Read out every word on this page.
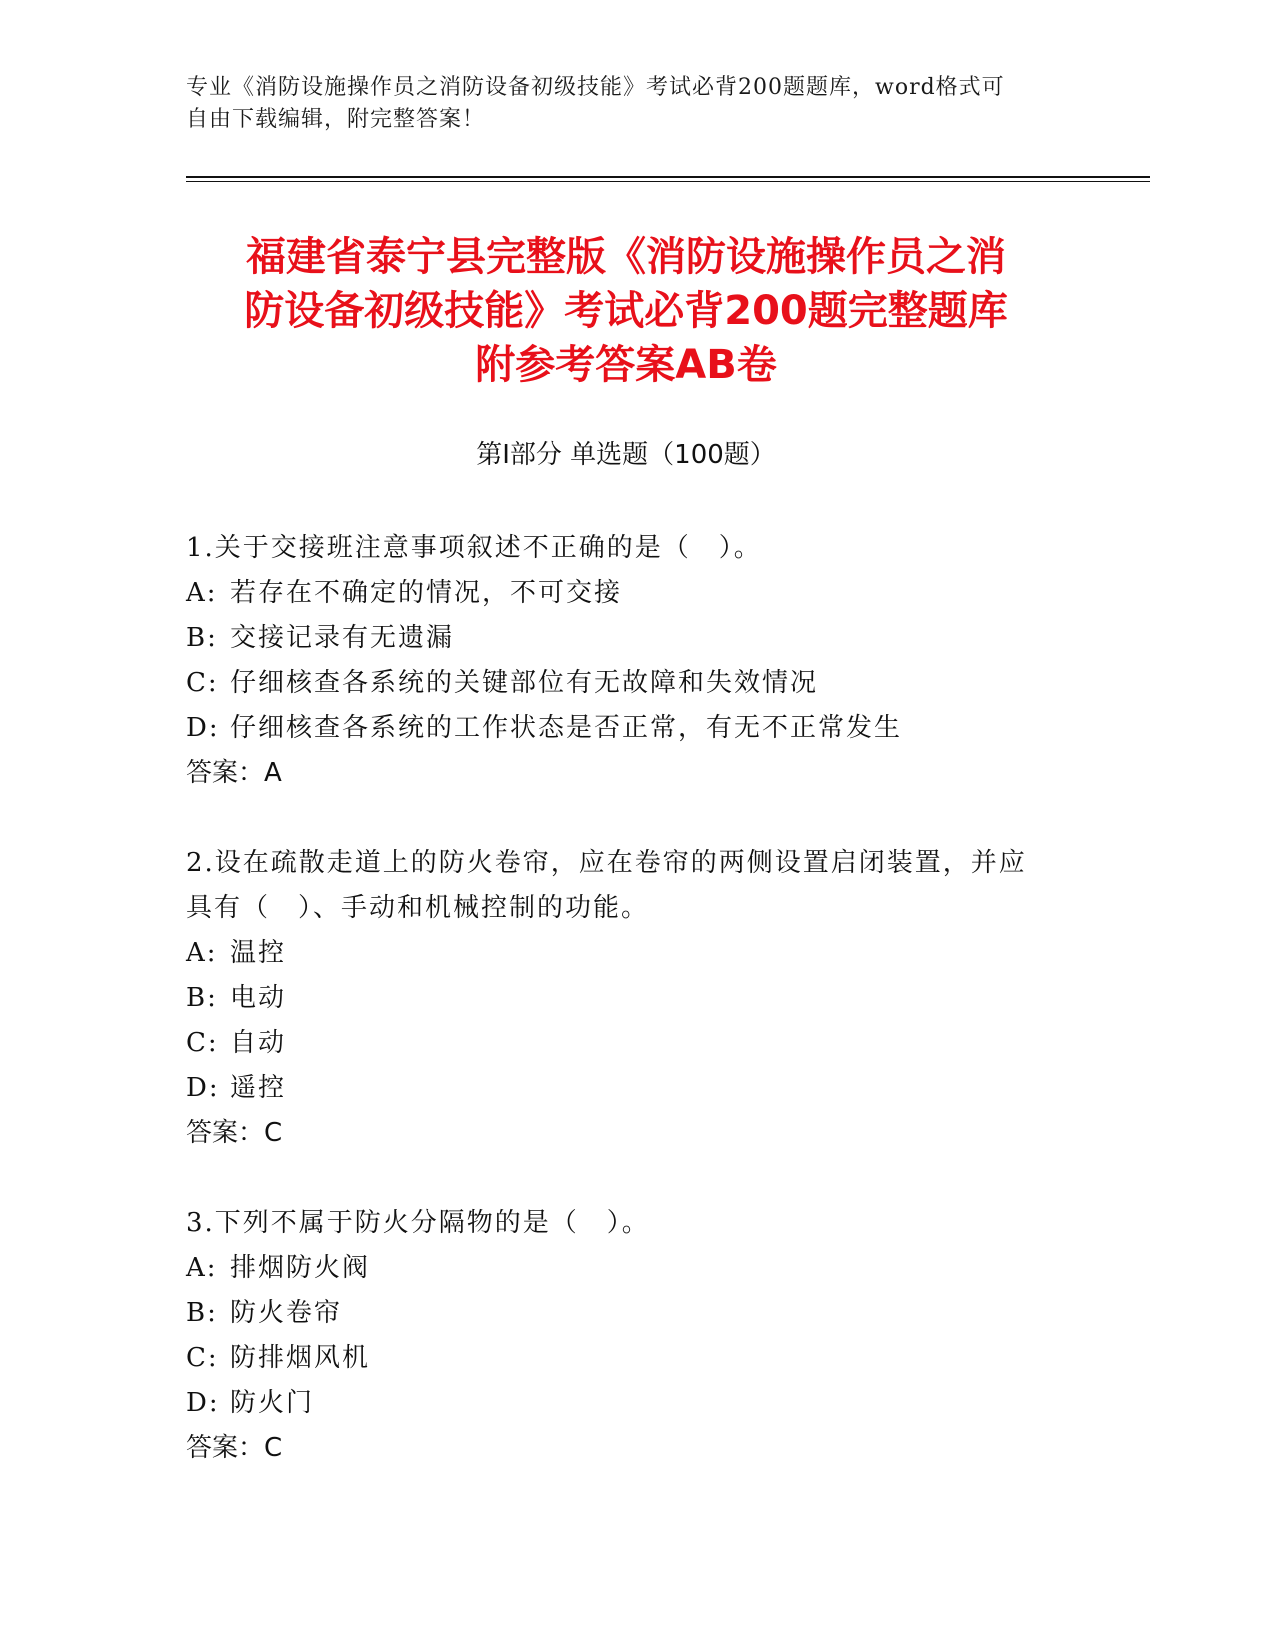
专业《消防设施操作员之消防设备初级技能》考试必背200题题库，word格式可
自由下载编辑，附完整答案！
福建省泰宁县完整版《消防设施操作员之消
防设备初级技能》考试必背200题完整题库
附参考答案AB卷
第I部分 单选题（100题）
1.关于交接班注意事项叙述不正确的是（　）。
A: 若存在不确定的情况，不可交接
B: 交接记录有无遗漏
C: 仔细核查各系统的关键部位有无故障和失效情况
D: 仔细核查各系统的工作状态是否正常，有无不正常发生
答案：A
2.设在疏散走道上的防火卷帘，应在卷帘的两侧设置启闭装置，并应
具有（　）、手动和机械控制的功能。
A: 温控
B: 电动
C: 自动
D: 遥控
答案：C
3.下列不属于防火分隔物的是（　）。
A: 排烟防火阀
B: 防火卷帘
C: 防排烟风机
D: 防火门
答案：C
